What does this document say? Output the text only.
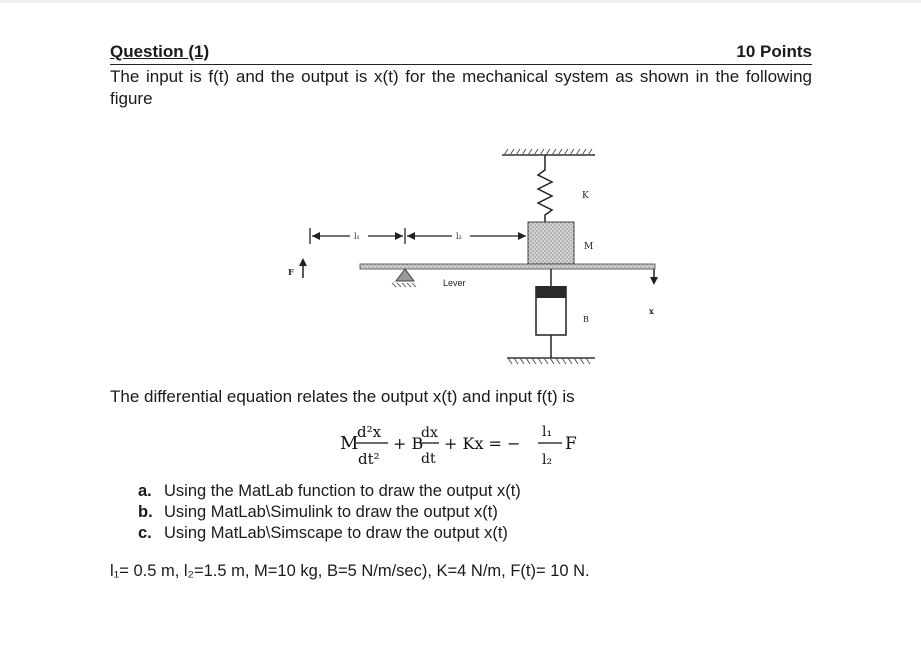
Question (1)	10 Points
The input is f(t) and the output is x(t) for the mechanical system as shown in the following figure
K
M
Lever
F
x
l₁	l₂
B
The differential equation relates the output x(t) and input f(t) is
M
d²x
dt²
+ B
dx
dt
+ Kx = −
l₁
l₂
F
a. Using the MatLab function to draw the output x(t)
b. Using MatLab\Simulink to draw the output x(t)
c. Using MatLab\Simscape to draw the output x(t)
l₁= 0.5 m, l₂=1.5 m, M=10 kg, B=5 N/m/sec), K=4 N/m, F(t)= 10 N.
